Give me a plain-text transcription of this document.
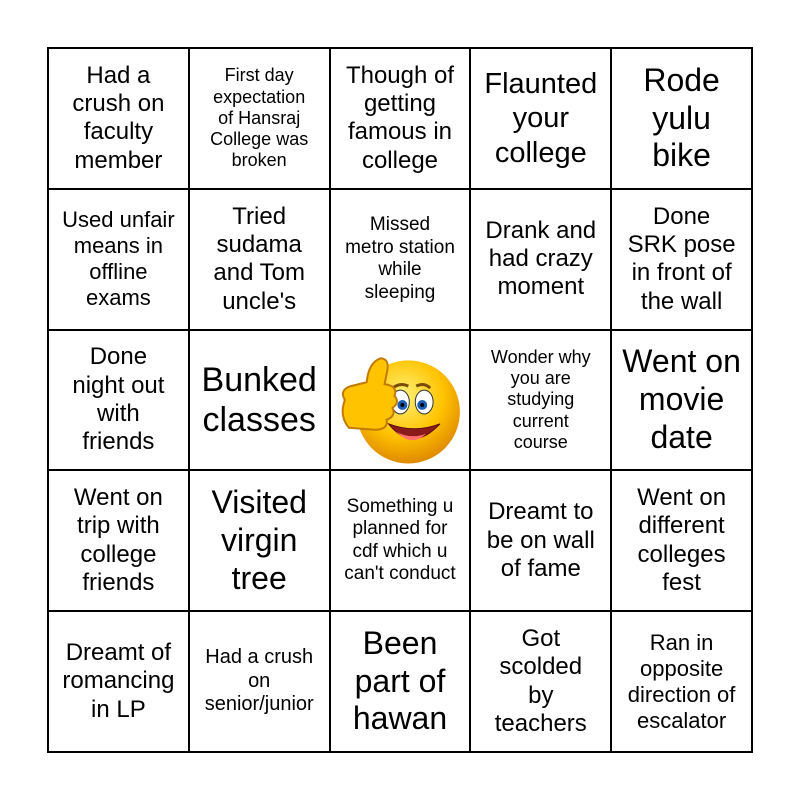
Had a
crush on
faculty
member
First day
expectation
of Hansraj
College was
broken
Though of
getting
famous in
college
Flaunted
your
college
Rode
yulu
bike
Used unfair
means in
offline
exams
Tried
sudama
and Tom
uncle's
Missed
metro station
while
sleeping
Drank and
had crazy
moment
Done
SRK pose
in front of
the wall
Done
night out
with
friends
Bunked
classes
Wonder why
you are
studying
current
course
Went on
movie
date
Went on
trip with
college
friends
Visited
virgin
tree
Something u
planned for
cdf which u
can't conduct
Dreamt to
be on wall
of fame
Went on
different
colleges
fest
Dreamt of
romancing
in LP
Had a crush
on
senior/junior
Been
part of
hawan
Got
scolded
by
teachers
Ran in
opposite
direction of
escalator
